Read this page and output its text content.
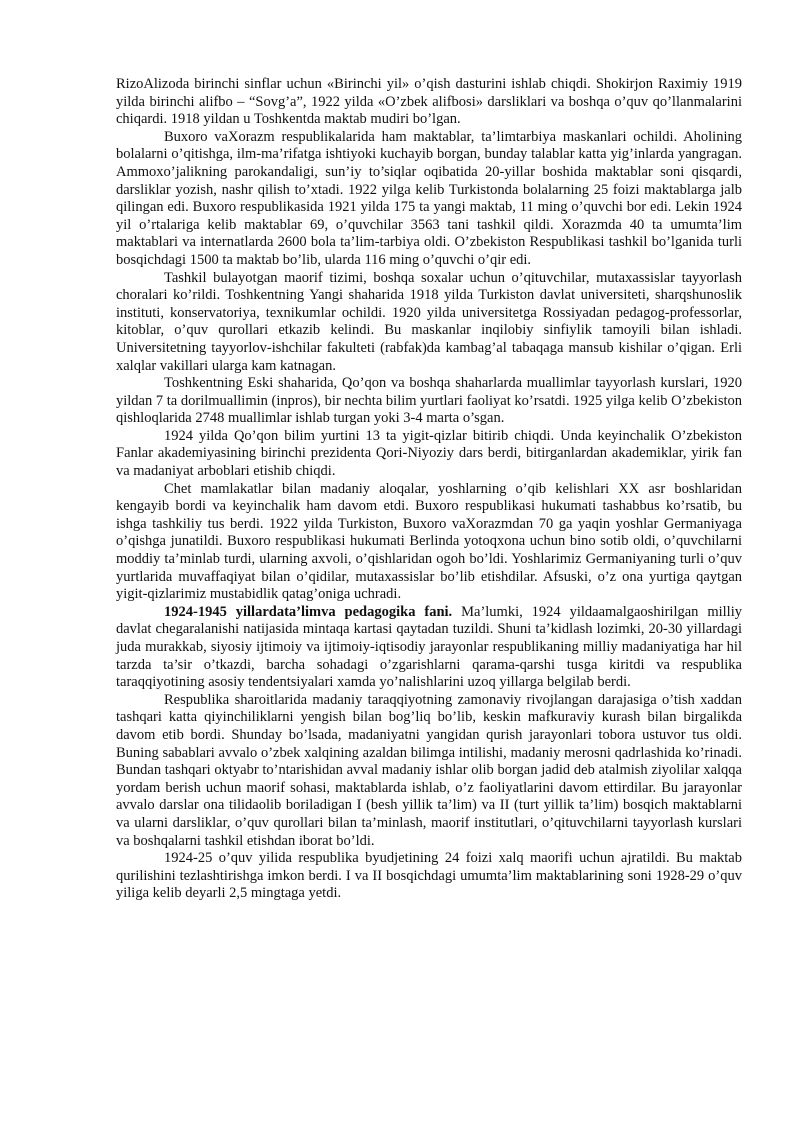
RizoAlizoda birinchi sinflar uchun «Birinchi yil» o’qish dasturini ishlab chiqdi. Shokirjon Raximiy 1919 yilda birinchi alifbo – “Sovg’a”, 1922 yilda «O’zbek alifbosi» darsliklari va boshqa o’quv qo’llanmalarini chiqardi. 1918 yildan u Toshkentda maktab mudiri bo’lgan.

Buxoro vaXorazm respublikalarida ham maktablar, ta’limtarbiya maskanlari ochildi. Aholining bolalarni o’qitishga, ilm-ma’rifatga ishtiyoki kuchayib borgan, bunday talablar katta yig’inlarda yangragan. Ammoxo’jalikning parokandaligi, sun’iy to’siqlar oqibatida 20-yillar boshida maktablar soni qisqardi, darsliklar yozish, nashr qilish to’xtadi. 1922 yilga kelib Turkistonda bolalarning 25 foizi maktablarga jalb qilingan edi. Buxoro respublikasida 1921 yilda 175 ta yangi maktab, 11 ming o’quvchi bor edi. Lekin 1924 yil o’rtalariga kelib maktablar 69, o’quvchilar 3563 tani tashkil qildi. Xorazmda 40 ta umumta’lim maktablari va internatlarda 2600 bola ta’lim-tarbiya oldi. O’zbekiston Respublikasi tashkil bo’lganida turli bosqichdagi 1500 ta maktab bo’lib, ularda 116 ming o’quvchi o’qir edi.

Tashkil bulayotgan maorif tizimi, boshqa soxalar uchun o’qituvchilar, mutaxassislar tayyorlash choralari ko’rildi. Toshkentning Yangi shaharida 1918 yilda Turkiston davlat universiteti, sharqshunoslik instituti, konservatoriya, texnikumlar ochildi. 1920 yilda universitetga Rossiyadan pedagog-professorlar, kitoblar, o’quv qurollari etkazib kelindi. Bu maskanlar inqilobiy sinfiylik tamoyili bilan ishladi. Universitetning tayyorlov-ishchilar fakulteti (rabfak)da kambag’al tabaqaga mansub kishilar o’qigan. Erli xalqlar vakillari ularga kam katnagan.

Toshkentning Eski shaharida, Qo’qon va boshqa shaharlarda muallimlar tayyorlash kurslari, 1920 yildan 7 ta dorilmuallimin (inpros), bir nechta bilim yurtlari faoliyat ko’rsatdi. 1925 yilga kelib O’zbekiston qishloqlarida 2748 muallimlar ishlab turgan yoki 3-4 marta o’sgan.

1924 yilda Qo’qon bilim yurtini 13 ta yigit-qizlar bitirib chiqdi. Unda keyinchalik O’zbekiston Fanlar akademiyasining birinchi prezidenta Qori-Niyoziy dars berdi, bitirganlardan akademiklar, yirik fan va madaniyat arboblari etishib chiqdi.

Chet mamlakatlar bilan madaniy aloqalar, yoshlarning o’qib kelishlari XX asr boshlaridan kengayib bordi va keyinchalik ham davom etdi. Buxoro respublikasi hukumati tashabbus ko’rsatib, bu ishga tashkiliy tus berdi. 1922 yilda Turkiston, Buxoro vaXorazmdan 70 ga yaqin yoshlar Germaniyaga o’qishga junatildi. Buxoro respublikasi hukumati Berlinda yotoqxona uchun bino sotib oldi, o’quvchilarni moddiy ta’minlab turdi, ularning axvoli, o’qishlaridan ogoh bo’ldi. Yoshlarimiz Germaniyaning turli o’quv yurtlarida muvaffaqiyat bilan o’qidilar, mutaxassislar bo’lib etishdilar. Afsuski, o’z ona yurtiga qaytgan yigit-qizlarimiz mustabidlik qatag’oniga uchradi.

1924-1945 yillardata’limva pedagogika fani. Ma’lumki, 1924 yildaamalgaoshirilgan milliy davlat chegaralanishi natijasida mintaqa kartasi qaytadan tuzildi. Shuni ta’kidlash lozimki, 20-30 yillardagi juda murakkab, siyosiy ijtimoiy va ijtimoiy-iqtisodiy jarayonlar respublikaning milliy madaniyatiga har hil tarzda ta’sir o’tkazdi, barcha sohadagi o’zgarishlarni qarama-qarshi tusga kiritdi va respublika taraqqiyotining asosiy tendentsiyalari xamda yo’nalishlarini uzoq yillarga belgilab berdi.

Respublika sharoitlarida madaniy taraqqiyotning zamonaviy rivojlangan darajasiga o’tish xaddan tashqari katta qiyinchiliklarni yengish bilan bog’liq bo’lib, keskin mafkuraviy kurash bilan birgalikda davom etib bordi. Shunday bo’lsada, madaniyatni yangidan qurish jarayonlari tobora ustuvor tus oldi. Buning sabablari avvalo o’zbek xalqining azaldan bilimga intilishi, madaniy merosni qadrlashida ko’rinadi. Bundan tashqari oktyabr to’ntarishidan avval madaniy ishlar olib borgan jadid deb atalmish ziyolilar xalqqa yordam berish uchun maorif sohasi, maktablarda ishlab, o’z faoliyatlarini davom ettirdilar. Bu jarayonlar avvalo darslar ona tilidaolib boriladigan I (besh yillik ta’lim) va II (turt yillik ta’lim) bosqich maktablarni va ularni darsliklar, o’quv qurollari bilan ta’minlash, maorif institutlari, o’qituvchilarni tayyorlash kurslari va boshqalarni tashkil etishdan iborat bo’ldi.

1924-25 o’quv yilida respublika byudjetining 24 foizi xalq maorifi uchun ajratildi. Bu maktab qurilishini tezlashtirishga imkon berdi. I va II bosqichdagi umumta’lim maktablarining soni 1928-29 o’quv yiliga kelib deyarli 2,5 mingtaga yetdi.
